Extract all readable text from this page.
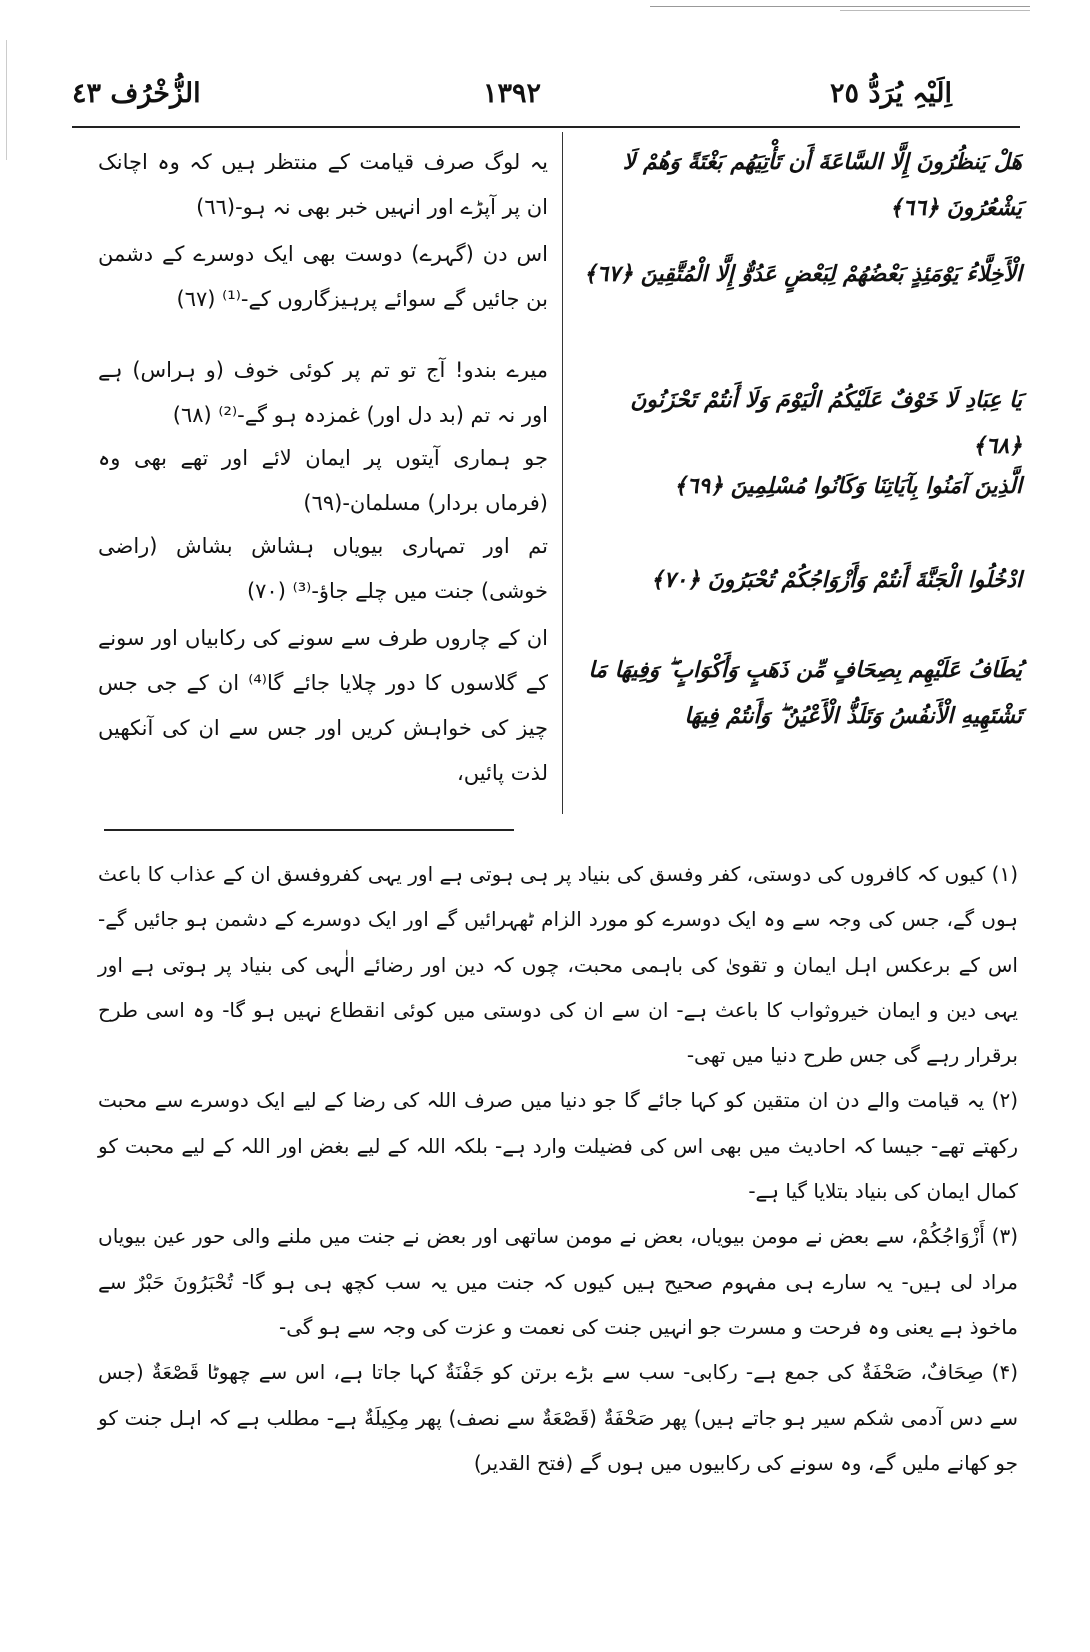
الزُّخْرُف ٤٣	١٣٩٢	اِلَیْہِ یُرَدُّ ٢٥
هَلْ يَنظُرُونَ إِلَّا السَّاعَةَ أَن تَأْتِيَهُم بَغْتَةً وَهُمْ لَا يَشْعُرُونَ ﴿٦٦﴾
الْأَخِلَّاءُ يَوْمَئِذٍ بَعْضُهُمْ لِبَعْضٍ عَدُوٌّ إِلَّا الْمُتَّقِينَ ﴿٦٧﴾
يَا عِبَادِ لَا خَوْفٌ عَلَيْكُمُ الْيَوْمَ وَلَا أَنتُمْ تَحْزَنُونَ ﴿٦٨﴾
الَّذِينَ آمَنُوا بِآيَاتِنَا وَكَانُوا مُسْلِمِينَ ﴿٦٩﴾
ادْخُلُوا الْجَنَّةَ أَنتُمْ وَأَزْوَاجُكُمْ تُحْبَرُونَ ﴿٧٠﴾
يُطَافُ عَلَيْهِم بِصِحَافٍ مِّن ذَهَبٍ وَأَكْوَابٍ ۖ وَفِيهَا مَا تَشْتَهِيهِ الْأَنفُسُ وَتَلَذُّ الْأَعْيُنُ ۖ وَأَنتُمْ فِيهَا
یہ لوگ صرف قیامت کے منتظر ہیں کہ وہ اچانک ان پر آپڑے اور انہیں خبر بھی نہ ہو-(٦٦)
اس دن (گہرے) دوست بھی ایک دوسرے کے دشمن بن جائیں گے سوائے پرہیزگاروں کے-⁽¹⁾ (٦٧)
میرے بندو! آج تو تم پر کوئی خوف (و ہراس) ہے اور نہ تم (بد دل اور) غمزدہ ہو گے-⁽²⁾ (٦٨)
جو ہماری آیتوں پر ایمان لائے اور تھے بھی وہ (فرماں بردار) مسلمان-(٦٩)
تم اور تمہاری بیویاں ہشاش بشاش (راضی خوشی) جنت میں چلے جاؤ-⁽³⁾ (٧٠)
ان کے چاروں طرف سے سونے کی رکابیاں اور سونے کے گلاسوں کا دور چلایا جائے گا⁽⁴⁾ ان کے جی جس چیز کی خواہش کریں اور جس سے ان کی آنکھیں لذت پائیں،

(۱) کیوں کہ کافروں کی دوستی، کفر وفسق کی بنیاد پر ہی ہوتی ہے اور یہی کفروفسق ان کے عذاب کا باعث ہوں گے، جس کی وجہ سے وہ ایک دوسرے کو مورد الزام ٹھہرائیں گے اور ایک دوسرے کے دشمن ہو جائیں گے- اس کے برعکس اہل ایمان و تقویٰ کی باہمی محبت، چوں کہ دین اور رضائے الٰہی کی بنیاد پر ہوتی ہے اور یہی دین و ایمان خیروثواب کا باعث ہے- ان سے ان کی دوستی میں کوئی انقطاع نہیں ہو گا- وہ اسی طرح برقرار رہے گی جس طرح دنیا میں تھی-

(۲) یہ قیامت والے دن ان متقین کو کہا جائے گا جو دنیا میں صرف اللہ کی رضا کے لیے ایک دوسرے سے محبت رکھتے تھے- جیسا کہ احادیث میں بھی اس کی فضیلت وارد ہے- بلکہ اللہ کے لیے بغض اور اللہ کے لیے محبت کو کمال ایمان کی بنیاد بتلایا گیا ہے-

(۳) أَزْوَاجُكُمْ، سے بعض نے مومن بیویاں، بعض نے مومن ساتھی اور بعض نے جنت میں ملنے والی حور عین بیویاں مراد لی ہیں- یہ سارے ہی مفہوم صحیح ہیں کیوں کہ جنت میں یہ سب کچھ ہی ہو گا- تُحْبَرُونَ حَبْرٌ سے ماخوذ ہے یعنی وہ فرحت و مسرت جو انہیں جنت کی نعمت و عزت کی وجہ سے ہو گی-

(۴) صِحَافٌ، صَحْفَةٌ کی جمع ہے- رکابی- سب سے بڑے برتن کو جَفْنَةٌ کہا جاتا ہے، اس سے چھوٹا قَصْعَةٌ (جس سے دس آدمی شکم سیر ہو جاتے ہیں) پھر صَحْفَةٌ (قَصْعَةٌ سے نصف) پھر مِكِيلَةٌ ہے- مطلب ہے کہ اہل جنت کو جو کھانے ملیں گے، وہ سونے کی رکابیوں میں ہوں گے (فتح القدیر)
